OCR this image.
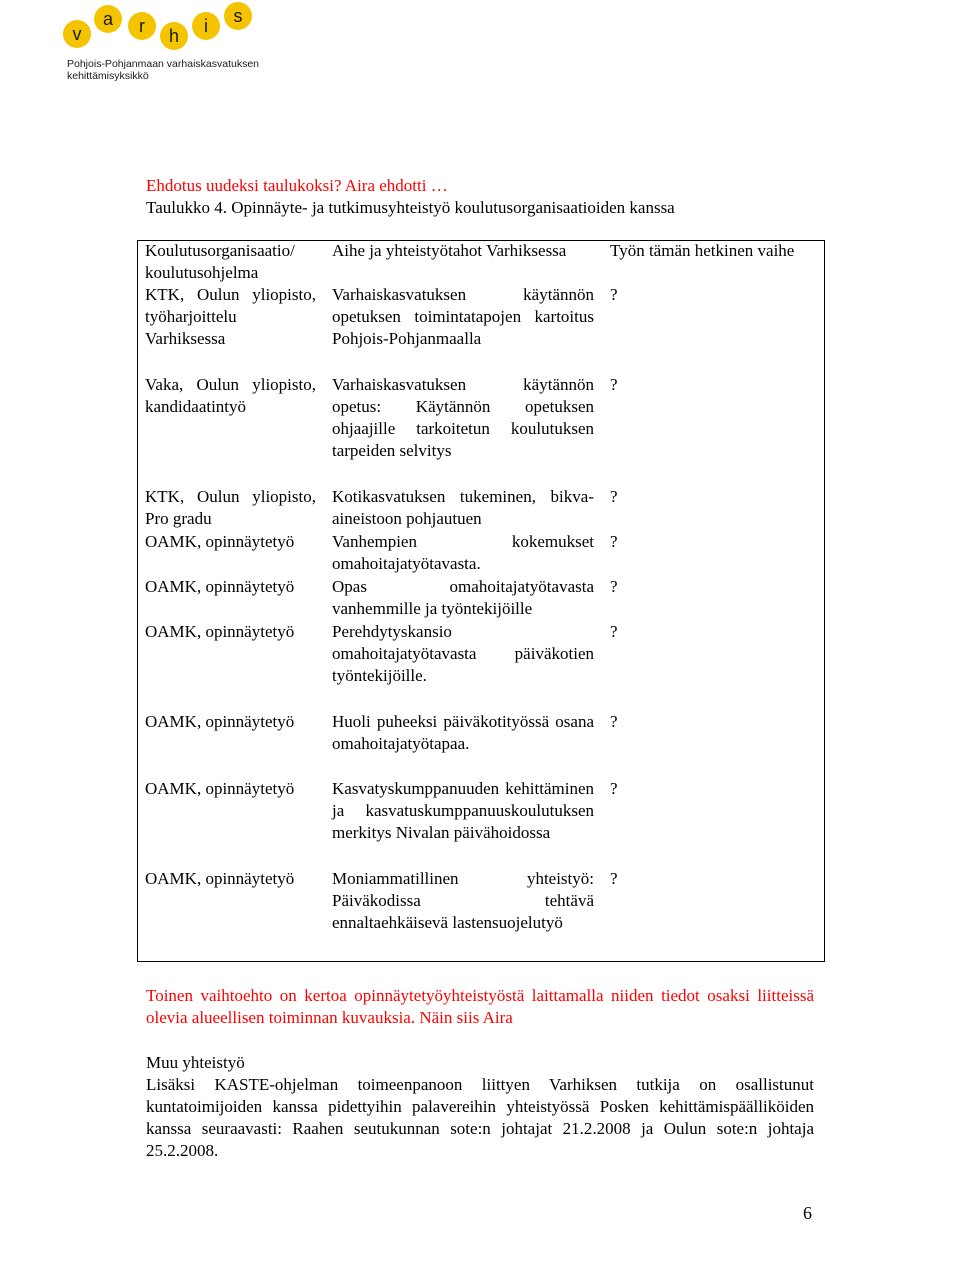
v
a r h i s
Pohjois-Pohjanmaan varhaiskasvatuksen
kehittämisyksikkö
Ehdotus uudeksi taulukoksi? Aira ehdotti …
Taulukko 4. Opinnäyte- ja tutkimusyhteistyö koulutusorganisaatioiden kanssa
Koulutusorganisaatio/ koulutusohjelma	Aihe ja yhteistyötahot Varhiksessa	Työn tämän hetkinen vaihe
KTK, Oulun yliopisto, työharjoittelu Varhiksessa	Varhaiskasvatuksen käytännön opetuksen toimintatapojen kartoitus Pohjois-Pohjanmaalla	?
Vaka, Oulun yliopisto, kandidaatintyö	Varhaiskasvatuksen käytännön opetus: Käytännön opetuksen ohjaajille tarkoitetun koulutuksen tarpeiden selvitys	?
KTK, Oulun yliopisto, Pro gradu	Kotikasvatuksen tukeminen, bikva-aineistoon pohjautuen	?
OAMK, opinnäytetyö	Vanhempien kokemukset omahoitajatyötavasta.	?
OAMK, opinnäytetyö	Opas omahoitajatyötavasta vanhemmille ja työntekijöille	?
OAMK, opinnäytetyö	Perehdytyskansio omahoitajatyötavasta päiväkotien työntekijöille.	?
OAMK, opinnäytetyö	Huoli puheeksi päiväkotityössä osana omahoitajatyötapaa.	?
OAMK, opinnäytetyö	Kasvatyskumppanuuden kehittäminen ja kasvatuskumppanuuskoulutuksen merkitys Nivalan päivähoidossa	?
OAMK, opinnäytetyö	Moniammatillinen yhteistyö: Päiväkodissa tehtävä ennaltaehkäisevä lastensuojelutyö	?
Toinen vaihtoehto on kertoa opinnäytetyöyhteistyöstä laittamalla niiden tiedot osaksi liitteissä olevia alueellisen toiminnan kuvauksia. Näin siis Aira
Muu yhteistyö
Lisäksi KASTE-ohjelman toimeenpanoon liittyen Varhiksen tutkija on osallistunut kuntatoimijoiden kanssa pidettyihin palavereihin yhteistyössä Posken kehittämispäälliköiden kanssa seuraavasti: Raahen seutukunnan sote:n johtajat 21.2.2008 ja Oulun sote:n johtaja 25.2.2008.
6
